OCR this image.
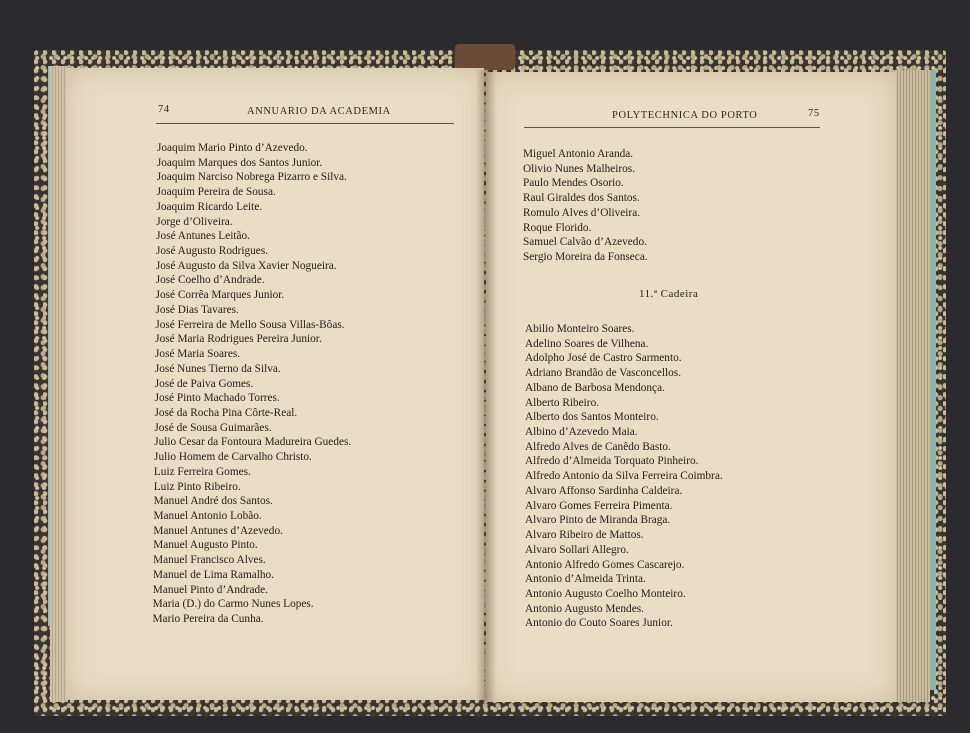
74	ANNUARIO DA ACADEMIA
Joaquim Mario Pinto d’Azevedo.
Joaquim Marques dos Santos Junior.
Joaquim Narciso Nobrega Pizarro e Silva.
Joaquim Pereira de Sousa.
Joaquim Ricardo Leite.
Jorge d’Oliveira.
José Antunes Leitão.
José Augusto Rodrigues.
José Augusto da Silva Xavier Nogueira.
José Coelho d’Andrade.
José Corrêa Marques Junior.
José Dias Tavares.
José Ferreira de Mello Sousa Villas-Bôas.
José Maria Rodrigues Pereira Junior.
José Maria Soares.
José Nunes Tierno da Silva.
José de Paiva Gomes.
José Pinto Machado Torres.
José da Rocha Pina Côrte-Real.
José de Sousa Guimarães.
Julio Cesar da Fontoura Madureira Guedes.
Julio Homem de Carvalho Christo.
Luiz Ferreira Gomes.
Luiz Pinto Ribeiro.
Manuel André dos Santos.
Manuel Antonio Lobão.
Manuel Antunes d’Azevedo.
Manuel Augusto Pinto.
Manuel Francisco Alves.
Manuel de Lima Ramalho.
Manuel Pinto d’Andrade.
Maria (D.) do Carmo Nunes Lopes.
Mario Pereira da Cunha.
POLYTECHNICA DO PORTO	75
Miguel Antonio Aranda.
Olivio Nunes Malheiros.
Paulo Mendes Osorio.
Raul Giraldes dos Santos.
Romulo Alves d’Oliveira.
Roque Florido.
Samuel Calvão d’Azevedo.
Sergio Moreira da Fonseca.
11.ª Cadeira
Abilio Monteiro Soares.
Adelino Soares de Vilhena.
Adolpho José de Castro Sarmento.
Adriano Brandão de Vasconcellos.
Albano de Barbosa Mendonça.
Alberto Ribeiro.
Alberto dos Santos Monteiro.
Albino d’Azevedo Maia.
Alfredo Alves de Canêdo Basto.
Alfredo d’Almeida Torquato Pinheiro.
Alfredo Antonio da Silva Ferreira Coimbra.
Alvaro Affonso Sardinha Caldeira.
Alvaro Gomes Ferreira Pimenta.
Alvaro Pinto de Miranda Braga.
Alvaro Ribeiro de Mattos.
Alvaro Sollari Allegro.
Antonio Alfredo Gomes Cascarejo.
Antonio d’Almeida Trinta.
Antonio Augusto Coelho Monteiro.
Antonio Augusto Mendes.
Antonio do Couto Soares Junior.
